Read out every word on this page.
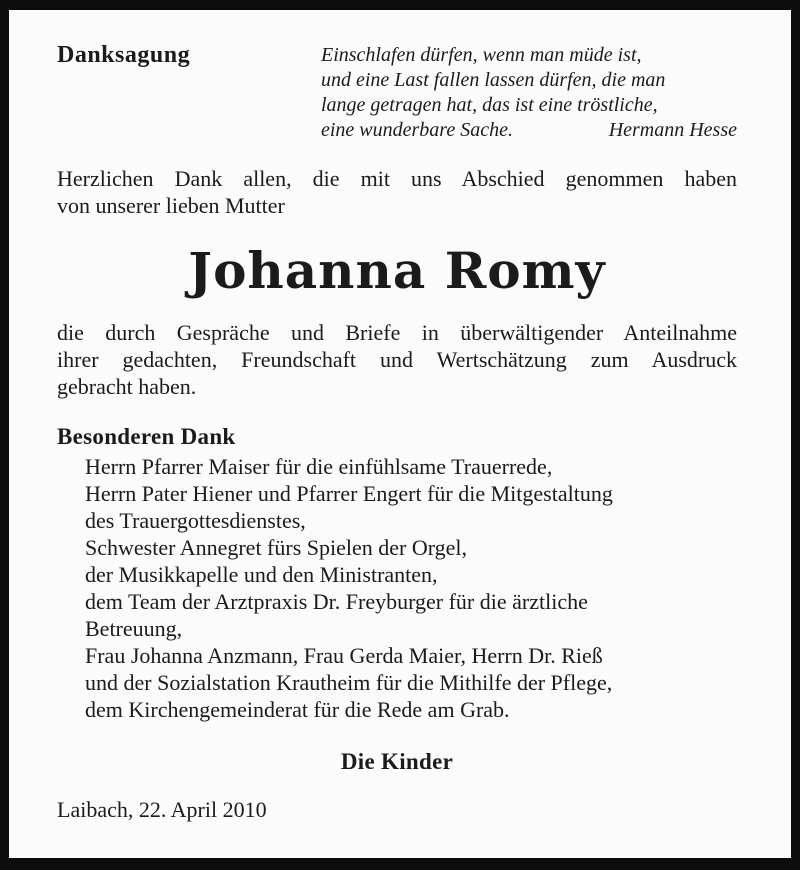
Danksagung	Einschlafen dürfen, wenn man müde ist,
und eine Last fallen lassen dürfen, die man
lange getragen hat, das ist eine tröstliche,
eine wunderbare Sache.	Hermann Hesse
Herzlichen Dank allen, die mit uns Abschied genommen haben
von unserer lieben Mutter
Johanna Romy
die durch Gespräche und Briefe in überwältigender Anteilnahme
ihrer gedachten, Freundschaft und Wertschätzung zum Ausdruck
gebracht haben.
Besonderen Dank
Herrn Pfarrer Maiser für die einfühlsame Trauerrede,
Herrn Pater Hiener und Pfarrer Engert für die Mitgestaltung
des Trauergottesdienstes,
Schwester Annegret fürs Spielen der Orgel,
der Musikkapelle und den Ministranten,
dem Team der Arztpraxis Dr. Freyburger für die ärztliche
Betreuung,
Frau Johanna Anzmann, Frau Gerda Maier, Herrn Dr. Rieß
und der Sozialstation Krautheim für die Mithilfe der Pflege,
dem Kirchengemeinderat für die Rede am Grab.
Die Kinder
Laibach, 22. April 2010
